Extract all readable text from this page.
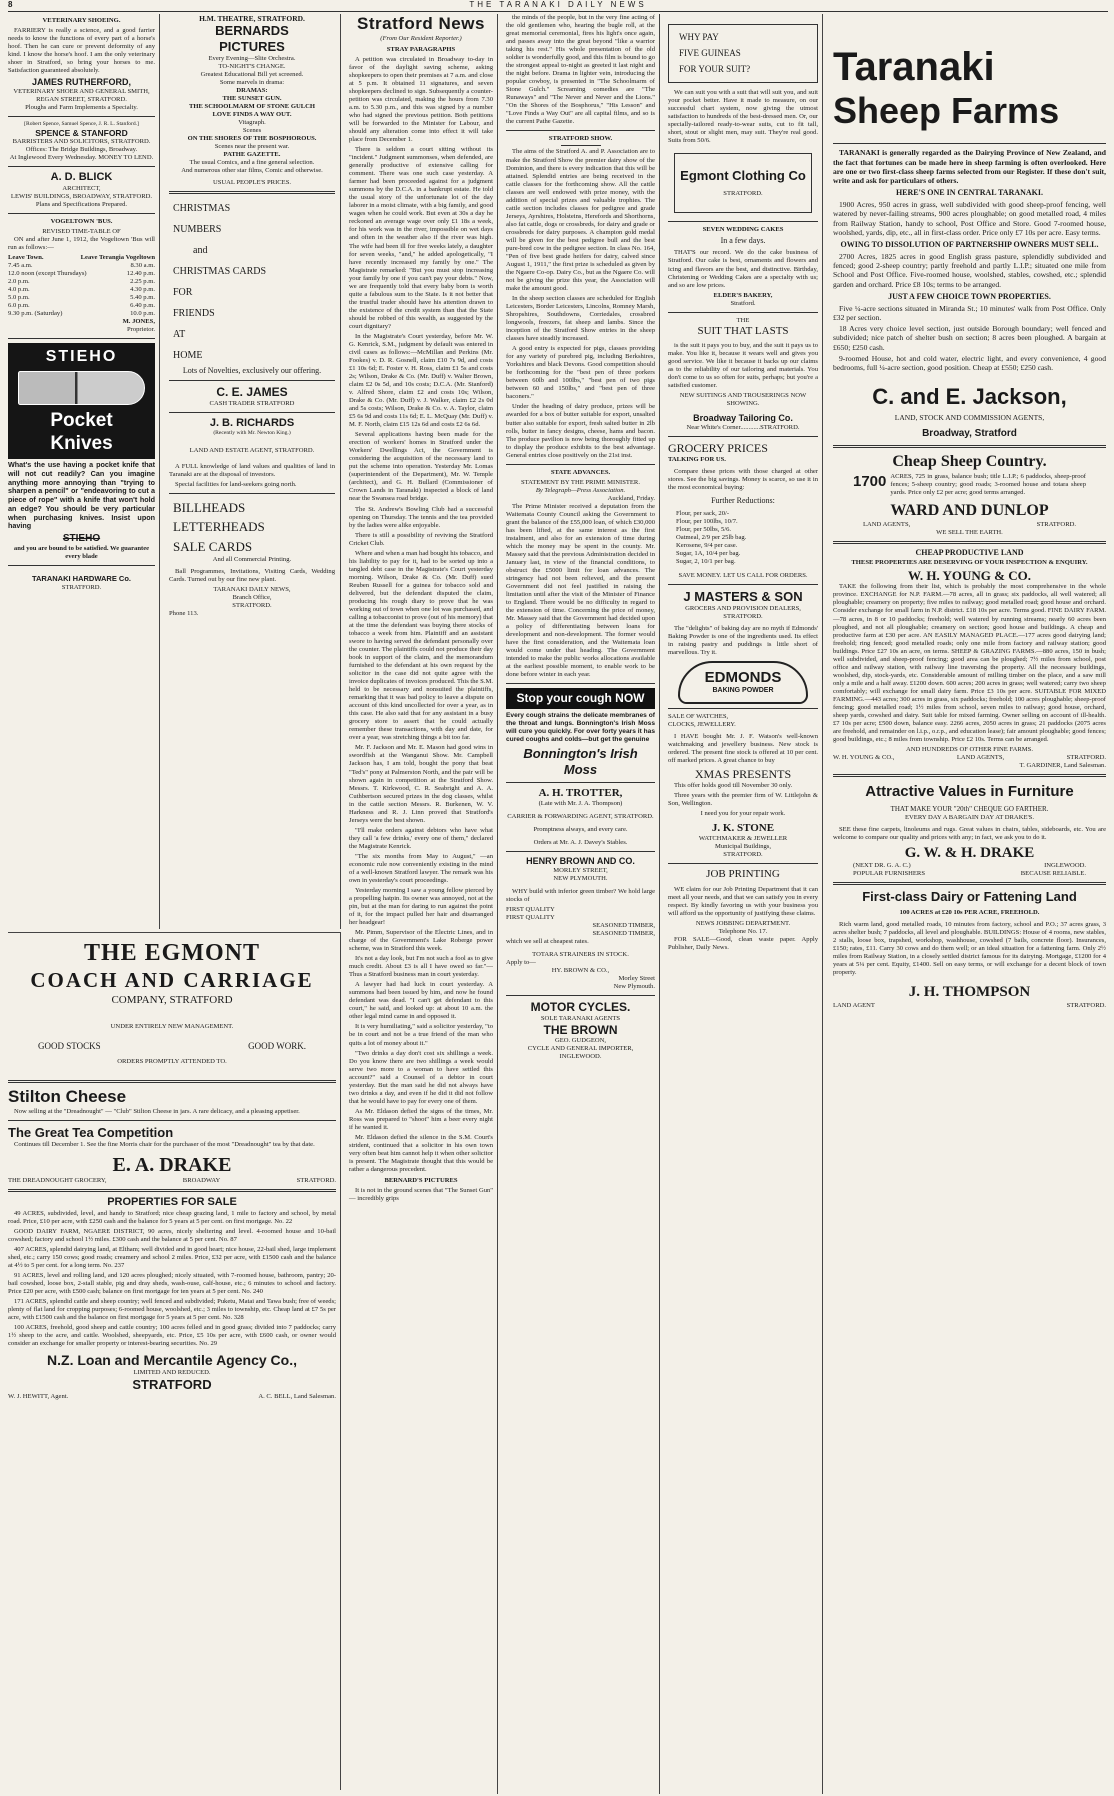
8	THE TARANAKI DAILY NEWS
VETERINARY SHOEING.

FARRIERY is really a science, and a good farrier needs to know the functions of every part of a horse's hoof. Then he can cure or prevent deformity of any kind. I know the horse's hoof. I am the only veterinary shoer in Stratford, so bring your horses to me. Satisfaction guaranteed absolutely.

JAMES RUTHERFORD,
VETERINARY SHOER AND GENERAL SMITH,
REGAN STREET, STRATFORD.
Ploughs and Farm Implements a Specialty.
[Robert Spence, Samuel Spence, J. R. L. Stanford.]
SPENCE & STANFORD
BARRISTERS AND SOLICITORS, STRATFORD.
Offices: The Bridge Buildings, Broadway.
At Inglewood Every Wednesday. MONEY TO LEND.
A. D. BLICK
ARCHITECT,
LEWIS' BUILDINGS, BROADWAY, STRATFORD.
Plans and Specifications Prepared.
VOGELTOWN 'BUS.
REVISED TIME-TABLE OF

ON and after June 1, 1912, the Vogeltown 'Bus will run as follows:—

Leave Town.	Leave Terangia Vogeltown
7.45 a.m.	8.30 a.m.
12.0 noon (except Thursdays)	12.40 p.m.
2.0 p.m.	2.25 p.m.
4.0 p.m.	4.30 p.m.
5.0 p.m.	5.40 p.m.
6.0 p.m.	6.40 p.m.
9.30 p.m. (Saturday)	10.0 p.m.
M. JONES,
Proprietor.
STIEHO
Pocket
Knives

What's the use having a pocket knife that will not cut readily? Can you imagine anything more annoying than "trying to sharpen a pencil" or "endeavoring to cut a piece of rope" with a knife that won't hold an edge? You should be very particular when purchasing knives. Insist upon having

STIEHO
and you are bound to be satisfied. We guarantee every blade
TARANAKI HARDWARE Co.
STRATFORD.
H.M. THEATRE, STRATFORD.
BERNARDS
PICTURES
Every Evening—Slite Orchestra.
TO-NIGHT'S CHANGE.
Greatest Educational Bill yet screened.
Some marvels in drama:
DRAMAS:
THE SUNSET GUN.
THE SCHOOLMARM OF STONE GULCH
LOVE FINDS A WAY OUT.
Vitagraph.
Scenes
ON THE SHORES OF THE BOSPHOROUS.
Scenes near the present war.
PATHE GAZETTE.
The usual Comics, and a fine general selection.
And numerous other star films, Comic and otherwise.
USUAL PEOPLE'S PRICES.
CHRISTMAS
NUMBERS
and
CHRISTMAS CARDS
FOR
FRIENDS
AT
HOME
Lots of Novelties, exclusively our offering.
C. E. JAMES
CASH TRADER STRATFORD
J. B. RICHARDS
(Recently with Mr. Newton King.)
LAND AND ESTATE AGENT, STRATFORD.

A FULL knowledge of land values and qualities of land in Taranaki are at the disposal of investors.

Special facilities for land-seekers going north.

BILLHEADS
LETTERHEADS
SALE CARDS
And all Commercial Printing.

Ball Programmes, Invitations, Visiting Cards, Wedding Cards. Turned out by our fine new plant.

TARANAKI DAILY NEWS,
Branch Office,
STRATFORD.
Phone 113.
THE EGMONT
COACH AND CARRIAGE
COMPANY, STRATFORD
UNDER ENTIRELY NEW MANAGEMENT.
GOOD STOCKS	GOOD WORK.
ORDERS PROMPTLY ATTENDED TO.
Stilton Cheese

Now selling at the "Dreadnought" — "Club" Stilton Cheese in jars. A rare delicacy, and a pleasing appetiser.

The Great Tea Competition

Continues till December 1. See the fine Morris chair for the purchaser of the most "Dreadnought" tea by that date.

E. A. DRAKE
THE DREADNOUGHT GROCERY,	BROADWAY	STRATFORD.
PROPERTIES FOR SALE

49 ACRES, subdivided, level, and handy to Stratford; nice cheap grazing land, 1 mile to factory and school, by metal road. Price, £10 per acre, with £250 cash and the balance for 5 years at 5 per cent. on first mortgage. No. 22

GOOD DAIRY FARM, NGAERE DISTRICT, 90 acres, nicely sheltering and level. 4-roomed house and 10-bail cowshed; factory and school 1½ miles. £300 cash and the balance at 5 per cent. No. 87

407 ACRES, splendid dairying land, at Eltham; well divided and in good heart; nice house, 22-bail shed, large implement shed, etc.; carry 150 cows; good roads; creamery and school 2 miles. Price, £32 per acre, with £1500 cash and the balance at 4½ to 5 per cent. for a long term. No. 237

91 ACRES, level and rolling land, and 120 acres ploughed; nicely situated, with 7-roomed house, bathroom, pantry; 20-bail cowshed, loose box, 2-stall stable, pig and dray sheds, wash-ouse, calf-house, etc.; 6 minutes to school and factory. Price £20 per acre, with £500 cash; balance on first mortgage for ten years at 5 per cent. No. 240

171 ACRES, splendid cattle and sheep country; well fenced and subdivided; Puketu, Matai and Tawa bush; free of weeds; plenty of flat land for cropping purposes; 6-roomed house, woolshed, etc.; 3 miles to township, etc. Cheap land at £7 5s per acre, with £1500 cash and the balance on first mortgage for 5 years at 5 per cent. No. 328

100 ACRES, freehold, good sheep and cattle country; 100 acres felled and in good grass; divided into 7 paddocks; carry 1½ sheep to the acre, and cattle. Woolshed, sheepyards, etc. Price, £5 10s per acre, with £600 cash, or owner would consider an exchange for smaller property or interest-bearing securities. No. 29

N.Z. Loan and Mercantile Agency Co.,
LIMITED AND REDUCED.
STRATFORD
W. J. HEWITT, Agent.	A. C. BELL, Land Salesman.
Stratford News
(From Our Resident Reporter.)
STRAY PARAGRAPHS

A petition was circulated in Broadway to-day in favor of the daylight saving scheme, asking shopkeepers to open their premises at 7 a.m. and close at 5 p.m. It obtained 11 signatures, and seven shopkeepers declined to sign. Subsequently a counter-petition was circulated, making the hours from 7.30 a.m. to 5.30 p.m., and this was signed by a number who had signed the previous petition. Both petitions will be forwarded to the Minister for Labour, and should any alteration come into effect it will take place from December 1.

There is seldom a court sitting without its "incident." Judgment summonses, when defended, are generally productive of extensive calling for comment. There was one such case yesterday. A farmer had been proceeded against for a judgment summons by the D.C.A. in a bankrupt estate. He told the usual story of the unfortunate lot of the day laborer in a moist climate, with a big family, and good wages when he could work. But even at 30s a day he reckoned an average wage over only £1 18s a week, for his work was in the river, impossible on wet days and often in the weather also if the river was high. The wife had been ill for five weeks lately, a daughter for seven weeks, "and," he added apologetically, "I have recently increased my family by one." The Magistrate remarked: "But you must stop increasing your family by one if you can't pay your debts." Now, we are frequently told that every baby born is worth quite a fabulous sum to the State. Is it not better that the trustful trader should have his attention drawn to the existence of the credit system than that the State should be robbed of this wealth, as suggested by the court dignitary?

In the Magistrate's Court yesterday, before Mr. W. G. Kenrick, S.M., judgment by default was entered in civil cases as follows:—McMillan and Perkins (Mr. Fookes) v. D. R. Gosnell, claim £10 7s 9d, and costs £1 10s 6d; E. Foster v. H. Ross, claim £1 5s and costs 2s; Wilson, Drake & Co. (Mr. Duff) v. Walter Brown, claim £2 0s 5d, and 10s costs; D.C.A. (Mr. Stanford) v. Alfred Shore, claim £2 and costs 10s; Wilson, Drake & Co. (Mr. Duff) v. J. Walker, claim £2 2s 0d and 5s costs; Wilson, Drake & Co. v. A. Taylor, claim £5 6s 9d and costs 11s 6d; E. L. McQuay (Mr. Duff) v. M. F. North, claim £15 12s 6d and costs £2 6s 6d.

Several applications having been made for the erection of workers' homes in Stratford under the Workers' Dwellings Act, the Government is considering the acquisition of the necessary land to put the scheme into operation. Yesterday Mr. Lomas (superintendent of the Department), Mr. W. Temple (architect), and G. H. Bullard (Commissioner of Crown Lands in Taranaki) inspected a block of land near the Swansea road bridge.

The St. Andrew's Bowling Club had a successful opening on Thursday. The tennis and the tea provided by the ladies were alike enjoyable.

There is still a possibility of reviving the Stratford Cricket Club.

Where and when a man had bought his tobacco, and his liability to pay for it, had to be sorted up into a tangled debt case in the Magistrate's Court yesterday morning. Wilson, Drake & Co. (Mr. Duff) sued Reuben Russell for a guinea for tobacco sold and delivered, but the defendant disputed the claim, producing his rough diary to prove that he was working out of town when one lot was purchased, and calling a tobacconist to prove (out of his memory) that at the time the defendant was buying there stocks of tobacco a week from him. Plaintiff and an assistant swore to having served the defendant personally over the counter. The plaintiffs could not produce their day book in support of the claim, and the memorandum furnished to the defendant at his own request by the solicitor in the case did not quite agree with the invoice duplicates of invoices produced. This the S.M. held to be necessary and nonsuited the plaintiffs, remarking that it was bad policy to leave a dispute on account of this kind uncollected for over a year, as in this case. He also said that for any assistant in a busy grocery store to assert that he could actually remember these transactions, with day and date, for over a year, was stretching things a bit too far.

Mr. F. Jackson and Mr. E. Mason had good wins in swordfish at the Wanganui Show. Mr. Campbell Jackson has, I am told, bought the pony that beat "Ted's" pony at Palmerston North, and the pair will be shown again in competition at the Stratford Show. Messrs. T. Kirkwood, C. R. Seabright and A. A. Cuthbertson secured prizes in the dog classes, whilst in the cattle section Messrs. R. Burkenen, W. V. Harkness and R. J. Linn proved that Stratford's Jerseys were the best shown.

"I'll make orders against debtors who have what they call 'a few drinks,' every one of them," declared the Magistrate Kenrick.

"The six months from May to August," —an economic rule now conveniently existing in the mind of a well-known Stratford lawyer. The remark was his own in yesterday's court proceedings.

Yesterday morning I saw a young fellow pierced by a propelling hatpin. Its owner was annoyed, not at the pin, but at the man for daring to run against the point of it, for the impact pulled her hair and disarranged her headgear!

Mr. Pimm, Supervisor of the Electric Lines, and in charge of the Government's Lake Roberge power scheme, was in Stratford this week.

It's not a day look, but I'm not such a fool as to give much credit. About £3 is all I have owed so far."—Thus a Stratford business man in court yesterday.

A lawyer had had luck in court yesterday. A summons had been issued by him, and now he found defendant was dead. "I can't get defendant to this court," he said, and looked up: at about 10 a.m. the other legal mind came in and opposed it.

It is very humiliating," said a solicitor yesterday, "to be in court and not be a true friend of the man who quits a lot of money about it."

"Two drinks a day don't cost six shillings a week. Do you know there are two shillings a week would serve two more to a woman to have settled this account?" said a Counsel of a debtor in court yesterday. But the man said he did not always have two drinks a day, and even if he did it did not follow that he would have to pay for every one of them.

As Mr. Eldason defied the signs of the times, Mr. Ross was prepared to "shoot" him a beer every night if he wanted it.

Mr. Eldason defied the silence in the S.M. Court's strident, continued that a solicitor in his own town very often beat him cannot help it when other solicitor is present. The Magistrate thought that this would be rather a dangerous precedent.

BERNARD'S PICTURES

It is not in the ground scenes that "The Sunset Gun" — incredibly grips

the minds of the people, but in the very fine acting of the old gentlemen who, hearing the bugle roll, at the great memorial ceremonial, fires his light's once again, and passes away into the great beyond "like a warrior taking his rest." His whole presentation of the old soldier is wonderfully good, and this film is bound to go the strongest appeal to-night as greeted it last night and the night before. Drama in lighter vein, introducing the popular cowboy, is presented in "The Schoolmarm of Stone Gulch." Screaming comedies are "The Runaways" and "The Never and Never and the Lions." "On the Shores of the Bosphorus," "His Lesson" and "Love Finds a Way Out" are all capital films, and so is the current Pathe Gazette.

STRATFORD SHOW.

The aims of the Stratford A. and P. Association are to make the Stratford Show the premier dairy show of the Dominion, and there is every indication that this will be attained. Splendid entries are being received in the cattle classes for the forthcoming show. All the cattle classes are well endowed with prize money, with the addition of special prizes and valuable trophies. The cattle section includes classes for pedigree and grade Jerseys, Ayrshires, Holsteins, Herefords and Shorthorns, also fat cattle, dogs or crossbreds, for dairy and grade or crossbreds for dairy purposes. A champion gold medal will be given for the best pedigree bull and the best pure-bred cow in the pedigree section. In class No. 164, "Pen of five best grade heifers for dairy, calved since August 1, 1911," the first prize is scheduled as given by the Ngaere Co-op. Dairy Co., but as the Ngaere Co. will not be giving the prize this year, the Association will make the amount good.

In the sheep section classes are scheduled for English Leicesters, Border Leicesters, Lincolns, Romney Marsh, Shropshires, Southdowns, Corriedales, crossbred longwools, freezers, fat sheep and lambs. Since the inception of the Stratford Show entries in the sheep classes have steadily increased.

A good entry is expected for pigs, classes providing for any variety of purebred pig, including Berkshires, Yorkshires and black Devons. Good competition should be forthcoming for the "best pen of three porkers between 60lb and 100lbs," "best pen of two pigs between 60 and 150lbs," and "best pen of three baconers."

Under the heading of dairy produce, prizes will be awarded for a box of butter suitable for export, unsalted butter also suitable for export, fresh salted butter in 2lb rolls, butter in fancy designs, cheese, hams and bacon. The produce pavilion is now being thoroughly fitted up to display the produce exhibits to the best advantage. General entries close positively on the 21st inst.

STATE ADVANCES.
STATEMENT BY THE PRIME MINISTER.
By Telegraph—Press Association.
Auckland, Friday.

The Prime Minister received a deputation from the Waitemata County Council asking the Government to grant the balance of the £55,000 loan, of which £30,000 has been lifted, at the same interest as the first instalment, and also for an extension of time during which the money may be spent in the county. Mr. Massey said that the previous Administration decided in January last, in view of the financial conditions, to obstruct the £5000 limit for loan advances. The stringency had not been relieved, and the present Government did not feel justified in raising the limitation until after the visit of the Minister of Finance to England. There would be no difficulty in regard to the extension of time. Concerning the price of money, Mr. Massey said that the Government had decided upon a policy of differentiating between loans for development and non-development. The former would have the first consideration, and the Waitemata loan would come under that heading. The Government intended to make the public works allocations available at the earliest possible moment, to enable work to be done before winter in each year.

Stop your cough NOW

Every cough strains the delicate membranes of the throat and lungs. Bonnington's Irish Moss will cure you quickly. For over forty years it has cured coughs and colds—but get the genuine

Bonnington's Irish Moss
A. H. TROTTER,
(Late with Mr. J. A. Thompson)
CARRIER & FORWARDING AGENT, STRATFORD.
Promptness always, and every care.
Orders at Mr. A. J. Davey's Stables.
HENRY BROWN AND CO.
MORLEY STREET,
NEW PLYMOUTH.

WHY build with inferior green timber? We hold large stocks of

FIRST QUALITY
FIRST QUALITY
SEASONED TIMBER,
SEASONED TIMBER,
which we sell at cheapest rates.
TOTARA STRAINERS IN STOCK.
Apply to—
HY. BROWN & CO.,
Morley Street
New Plymouth.
MOTOR CYCLES.
SOLE TARANAKI AGENTS
THE BROWN
GEO. GUDGEON,
CYCLE AND GENERAL IMPORTER, INGLEWOOD.
WHY PAY
FIVE GUINEAS
FOR YOUR SUIT?

We can suit you with a suit that will suit you, and suit your pocket better. Have it made to measure, on our successful chart system, now giving the utmost satisfaction to hundreds of the best-dressed men. Or, our specially-tailored ready-to-wear suits, cut to fit tall, short, stout or slight men, may suit. They're real good. Suits from 50/6.

Egmont Clothing Co
STRATFORD.
SEVEN WEDDING CAKES
In a few days.

THAT'S our record. We do the cake business of Stratford. Our cake is best, ornaments and flowers and icing and flavors are the best, and distinctive. Birthday, Christening or Wedding Cakes are a specialty with us; and so are low prices.

ELDER'S BAKERY,
Stratford.
THE
SUIT THAT LASTS

is the suit it pays you to buy, and the suit it pays us to make. You like it, because it wears well and gives you good service. We like it because it backs up our claims as to the reliability of our tailoring and materials. You don't come to us so often for suits, perhaps; but you're a satisfied customer.

NEW SUITINGS AND TROUSERINGS NOW SHOWING.
Broadway Tailoring Co.
Near White's Corner............STRATFORD.
GROCERY PRICES
TALKING FOR US.

Compare these prices with those charged at other stores. See the big savings. Money is scarce, so use it in the most economical buying:

Further Reductions:
Flour, per sack, 20/-
Flour, per 100lbs, 10/7.
Flour, per 50lbs, 5/6.
Oatmeal, 2/9 per 25lb bag.
Kerosene, 9/4 per case.
Sugar, 1A, 10/4 per bag.
Sugar, 2, 10/1 per bag.
SAVE MONEY. LET US CALL FOR ORDERS.
J MASTERS & SON
GROCERS AND PROVISION DEALERS, STRATFORD.

The "delights" of baking day are no myth if Edmonds' Baking Powder is one of the ingredients used. Its effect in raising pastry and puddings is little short of marvellous. Try it.

EDMONDS
BAKING POWDER
SALE OF WATCHES,
CLOCKS, JEWELLERY.

I HAVE bought Mr. J. F. Watson's well-known watchmaking and jewellery business. New stock is ordered. The present fine stock is offered at 10 per cent. off marked prices. A great chance to buy

XMAS PRESENTS

This offer holds good till November 30 only.

Three years with the premier firm of W. Littlejohn & Son, Wellington.

I need you for your repair work.
J. K. STONE
WATCHMAKER & JEWELLER
Municipal Buildings,
STRATFORD.
JOB PRINTING

WE claim for our Job Printing Department that it can meet all your needs, and that we can satisfy you in every respect. By kindly favoring us with your business you will afford us the opportunity of justifying these claims.

NEWS JOBBING DEPARTMENT.
Telephone No. 17.

FOR SALE—Good, clean waste paper. Apply Publisher, Daily News.

Taranaki
Sheep Farms

TARANAKI is generally regarded as the Dairying Province of New Zealand, and the fact that fortunes can be made here in sheep farming is often overlooked. Here are one or two first-class sheep farms selected from our Register. If these don't suit, write and ask for particulars of others.

HERE'S ONE IN CENTRAL TARANAKI.

1900 Acres, 950 acres in grass, well subdivided with good sheep-proof fencing, well watered by never-failing streams, 900 acres ploughable; on good metalled road, 4 miles from Railway Station, handy to school, Post Office and Store. Good 7-roomed house, woolshed, yards, dip, etc., all in first-class order. Price only £7 10s per acre. Easy terms.

OWING TO DISSOLUTION OF PARTNERSHIP OWNERS MUST SELL.

2700 Acres, 1825 acres in good English grass pasture, splendidly subdivided and fenced; good 2-sheep country; partly freehold and partly L.I.P.; situated one mile from School and Post Office. Five-roomed house, woolshed, stables, cowshed, etc.; splendid garden and orchard. Price £8 10s; terms to be arranged.

JUST A FEW CHOICE TOWN PROPERTIES.

Five ¼-acre sections situated in Miranda St.; 10 minutes' walk from Post Office. Only £32 per section.

18 Acres very choice level section, just outside Borough boundary; well fenced and subdivided; nice patch of shelter bush on section; 8 acres been ploughed. A bargain at £650; £250 cash.

9-roomed House, hot and cold water, electric light, and every convenience, 4 good bedrooms, full ¼-acre section, good position. Cheap at £550; £250 cash.

C. and E. Jackson,
LAND, STOCK AND COMMISSION AGENTS,
Broadway, Stratford
Cheap Sheep Country.
1700 ACRES, 725 in grass, balance bush; title L.I.P.; 6 paddocks, sheep-proof fences; 5-sheep country; good roads; 3-roomed house and totara sheep yards. Price only £2 per acre; good terms arranged.

WARD AND DUNLOP
LAND AGENTS,	STRATFORD.
WE SELL THE EARTH.
CHEAP PRODUCTIVE LAND
THESE PROPERTIES ARE DESERVING OF YOUR INSPECTION & ENQUIRY.
W. H. YOUNG & CO.

TAKE the following from their list, which is probably the most comprehensive in the whole province. EXCHANGE for N.P. FARM.—78 acres, all in grass; six paddocks, all well watered; all ploughable; creamery on property; five miles to railway; good metalled road; good house and orchard. Consider exchange for small farm in N.P. district. £18 10s per acre. Terms good. FINE DAIRY FARM.—78 acres, in 8 or 10 paddocks; freehold; well watered by running streams; nearly 60 acres been ploughed, and not all ploughable; creamery on section; good house and buildings. A cheap and productive farm at £30 per acre. AN EASILY MANAGED PLACE.—177 acres good dairying land; freehold; ring fenced; good metalled roads; only one mile from factory and railway station; good buildings. Price £27 10s an acre, on terms. SHEEP & GRAZING FARMS.—880 acres, 150 in bush; well subdivided, and sheep-proof fencing; good area can be ploughed; 7½ miles from school, post office and railway station, with railway line traversing the property. All the necessary buildings, woolshed, dip, stock-yards, etc. Considerable amount of milling timber on the place, and a saw mill only a mile and a half away. £1200 down. 600 acres; 200 acres in grass; well watered; carry two sheep comfortably; will exchange for small dairy farm. Price £3 10s per acre. SUITABLE FOR MIXED FARMING.—443 acres; 300 acres in grass, six paddocks; freehold; 100 acres ploughable; sheep-proof fencing; good metalled road; 1½ miles from school, seven miles to railway; good house, orchard, sheep yards, cowshed and dairy. Suit table for mixed farming. Owner selling on account of ill-health. £7 10s per acre; £500 down, balance easy. 2266 acres, 2050 acres in grass; 21 paddocks (2075 acres are freehold, and remainder on l.i.p., o.r.p., and education lease); fair amount ploughable; good fences; good buildings, etc.; 8 miles from township. Price £2 10s. Terms can be arranged.

AND HUNDREDS OF OTHER FINE FARMS.
W. H. YOUNG & CO.,	LAND AGENTS,	STRATFORD.
T. GARDINER, Land Salesman.
Attractive Values in Furniture
THAT MAKE YOUR "20th" CHEQUE GO FARTHER.
EVERY DAY A BARGAIN DAY AT DRAKE'S.

SEE these fine carpets, linoleums and rugs. Great values in chairs, tables, sideboards, etc. You are welcome to compare our quality and prices with any; in fact, we ask you to do it.

G. W. & H. DRAKE
(NEXT DR. G. A. C.)	INGLEWOOD.
POPULAR FURNISHERS	BECAUSE RELIABLE.
First-class Dairy or Fattening Land
100 ACRES at £20 10s PER ACRE, FREEHOLD.

Rich warm land, good metalled roads, 10 minutes from factory, school and P.O.; 37 acres grass, 3 acres shelter bush; 7 paddocks, all level and ploughable. BUILDINGS: House of 4 rooms, new stables, 2 stalls, loose box, trapshed, workshop, washhouse, cowshed (7 bails, concrete floor). Insurances, £150; rates, £11. Carry 30 cows and do them well; or an ideal situation for a fattening farm. Only 2½ miles from Railway Station, in a closely settled district famous for its dairying. Mortgage, £1200 for 4 years at 5¼ per cent. Equity, £1400. Sell on easy terms, or will exchange for a decent block of town property.

J. H. THOMPSON
LAND AGENT	STRATFORD.
